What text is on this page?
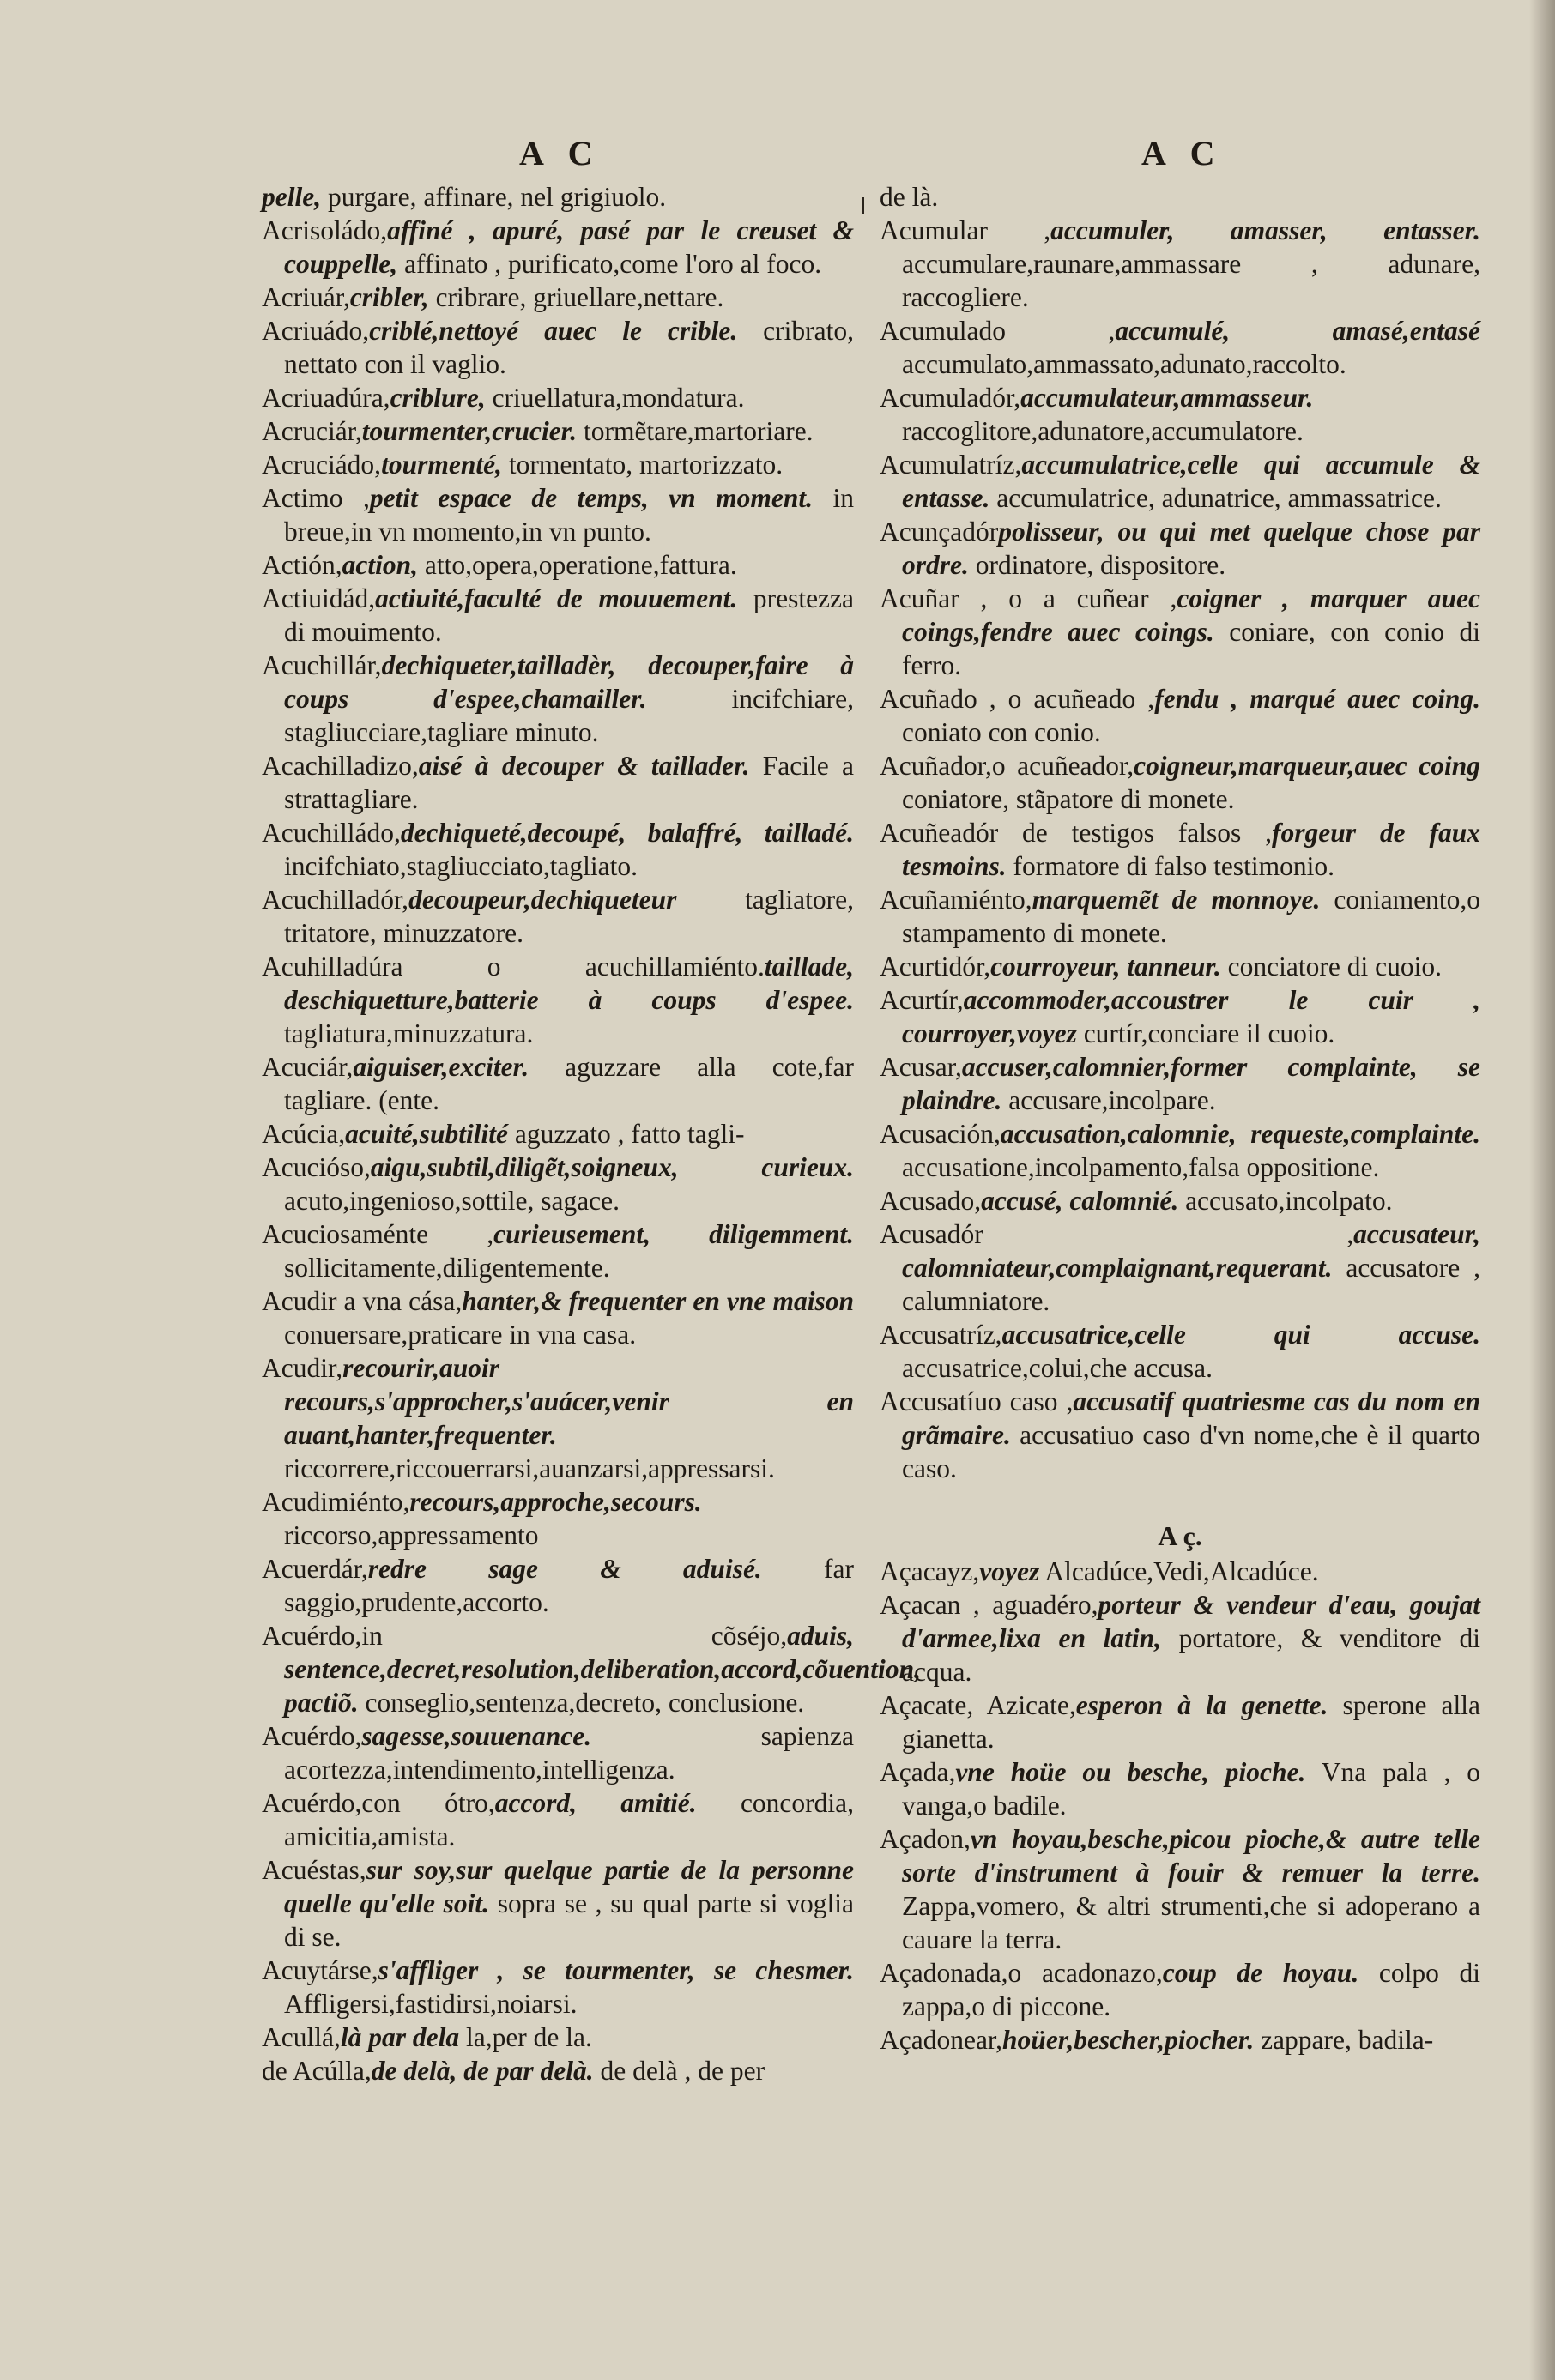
A C	A C

pelle, purgare, affinare, nel grigiuolo.

Acrisoládo,affiné , apuré, pasé par le creuset & couppelle, affinato , purificato,come l'oro al foco.

Acriuár,cribler, cribrare, griuellare,nettare.

Acriuádo,criblé,nettoyé auec le crible. cribrato, nettato con il vaglio.

Acriuadúra,criblure, criuellatura,mondatura.

Acruciár,tourmenter,crucier. tormẽtare,martoriare.

Acruciádo,tourmenté, tormentato, martorizzato.

Actimo ,petit espace de temps, vn moment. in breue,in vn momento,in vn punto.

Actión,action, atto,opera,operatione,fattura.

Actiuidád,actiuité,faculté de mouuement. prestezza di mouimento.

Acuchillár,dechiqueter,tailladèr, decouper,faire à coups d'espee,chamailler.	incifchiare, stagliucciare,tagliare minuto.

Acachilladizo,aisé à decouper & taillader. Facile a strattagliare.

Acuchilládo,dechiqueté,decoupé, balaffré, tailladé. incifchiato,stagliucciato,tagliato.

Acuchilladór,decoupeur,dechiqueteur	tagliatore, tritatore, minuzzatore.

Acuhilladúra o acuchillamiénto.taillade, deschiquetture,batterie à coups d'espee. tagliatura,minuzzatura.

Acuciár,aiguiser,exciter. aguzzare alla cote,far tagliare. (ente.

Acúcia,acuité,subtilité aguzzato , fatto tagli-

Acucióso,aigu,subtil,diligẽt,soigneux, curieux. acuto,ingenioso,sottile, sagace.

Acuciosaménte ,curieusement, diligemment. sollicitamente,diligentemente.

Acudir a vna cása,hanter,& frequenter en vne maison conuersare,praticare in vna casa.

Acudir,recourir,auoir recours,s'approcher,s'auácer,venir en auant,hanter,frequenter. riccorrere,riccouerrarsi,auanzarsi,appressarsi.

Acudimiénto,recours,approche,secours. riccorso,appressamento

Acuerdár,redre sage & aduisé. far saggio,prudente,accorto.

Acuérdo,in cõséjo,aduis, sentence,decret,resolution,deliberation,accord,cõuention, pactiõ. conseglio,sentenza,decreto, conclusione.

Acuérdo,sagesse,souuenance.	sapienza acortezza,intendimento,intelligenza.

Acuérdo,con ótro,accord, amitié. concordia, amicitia,amista.

Acuéstas,sur soy,sur quelque partie de la personne quelle qu'elle soit. sopra se , su qual parte si voglia di se.

Acuytárse,s'affliger , se tourmenter, se chesmer. Affligersi,fastidirsi,noiarsi.

Acullá,là par dela la,per de la.

de Acúlla,de delà, de par delà. de delà , de per

de là.

Acumular ,accumuler, amasser, entasser. accumulare,raunare,ammassare , adunare, raccogliere.

Acumulado ,accumulé, amasé,entasé accumulato,ammassato,adunato,raccolto.

Acumuladór,accumulateur,ammasseur. raccoglitore,adunatore,accumulatore.

Acumulatríz,accumulatrice,celle qui accumule & entasse. accumulatrice, adunatrice, ammassatrice.

Acunçadórpolisseur, ou qui met quelque chose par ordre. ordinatore, dispositore.

Acuñar , o a cuñear ,coigner , marquer auec coings,fendre auec coings. coniare, con conio di ferro.

Acuñado , o acuñeado ,fendu , marqué auec coing. coniato con conio.

Acuñador,o acuñeador,coigneur,marqueur,auec coing coniatore, stãpatore di monete.

Acuñeadór de testigos falsos ,forgeur de faux tesmoins. formatore di falso testimonio.

Acuñamiénto,marquemẽt de monnoye. coniamento,o stampamento di monete.

Acurtidór,courroyeur, tanneur. conciatore di cuoio.

Acurtír,accommoder,accoustrer le cuir , courroyer,voyez curtír,conciare il cuoio.

Acusar,accuser,calomnier,former complainte, se plaindre. accusare,incolpare.

Acusación,accusation,calomnie, requeste,complainte. accusatione,incolpamento,falsa oppositione.

Acusado,accusé, calomnié. accusato,incolpato.

Acusadór ,accusateur, calomniateur,complaignant,requerant. accusatore , calumniatore.

Accusatríz,accusatrice,celle qui accuse. accusatrice,colui,che accusa.

Accusatíuo caso ,accusatif quatriesme cas du nom en grãmaire. accusatiuo caso d'vn nome,che è il quarto caso.

A ç.

Açacayz,voyez Alcadúce,Vedi,Alcadúce.

Açacan , aguadéro,porteur & vendeur d'eau, goujat d'armee,lixa en latin, portatore, & venditore di acqua.

Açacate, Azicate,esperon à la genette. sperone alla gianetta.

Açada,vne hoüe ou besche, pioche. Vna pala , o vanga,o badile.

Açadon,vn hoyau,besche,picou pioche,& autre telle sorte d'instrument à fouir & remuer la terre. Zappa,vomero, & altri strumenti,che si adoperano a cauare la terra.

Açadonada,o acadonazo,coup de hoyau. colpo di zappa,o di piccone.

Açadonear,hoüer,bescher,piocher. zappare, badila-
